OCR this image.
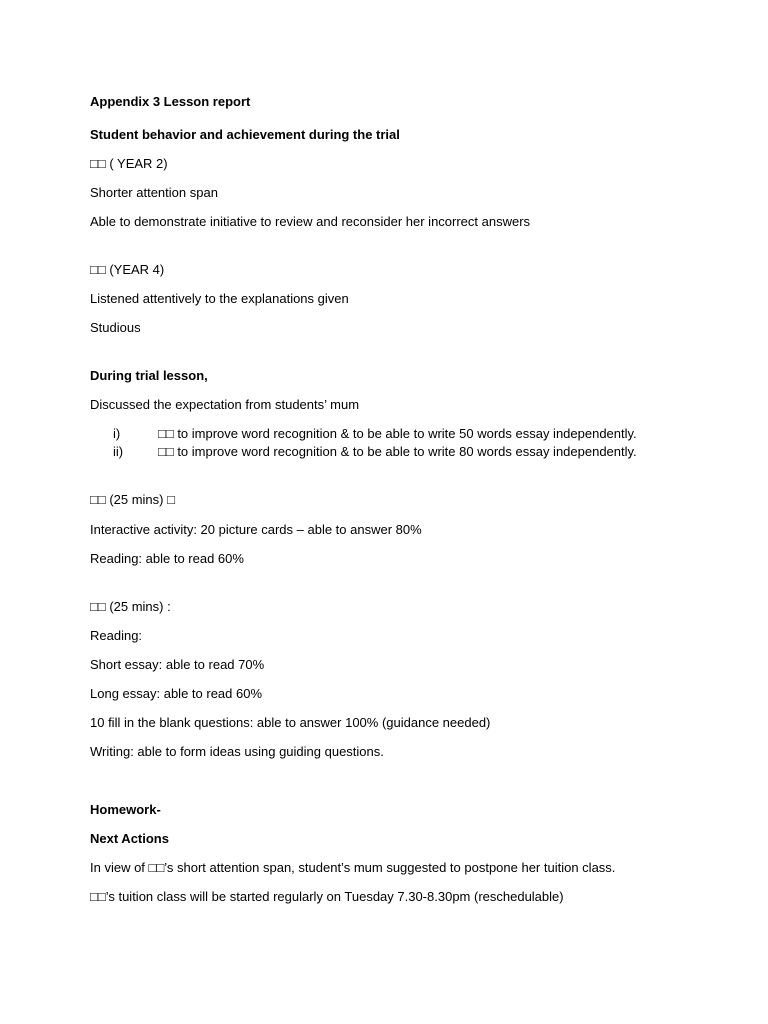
Appendix 3 Lesson report
Student behavior and achievement during the trial
□□ ( YEAR 2)
Shorter attention span
Able to demonstrate initiative to review and reconsider her incorrect answers
□□ (YEAR 4)
Listened attentively to the explanations given
Studious
During trial lesson,
Discussed the expectation from students’ mum
i)	□□ to improve word recognition & to be able to write 50 words essay independently.
ii)	□□ to improve word recognition & to be able to write 80 words essay independently.
□□ (25 mins) □
Interactive activity: 20 picture cards – able to answer 80%
Reading: able to read 60%
□□ (25 mins) :
Reading:
Short essay: able to read 70%
Long essay: able to read 60%
10 fill in the blank questions: able to answer 100% (guidance needed)
Writing: able to form ideas using guiding questions.
Homework-
Next Actions
In view of □□’s short attention span, student’s mum suggested to postpone her tuition class.
□□’s tuition class will be started regularly on Tuesday 7.30-8.30pm (reschedulable)
